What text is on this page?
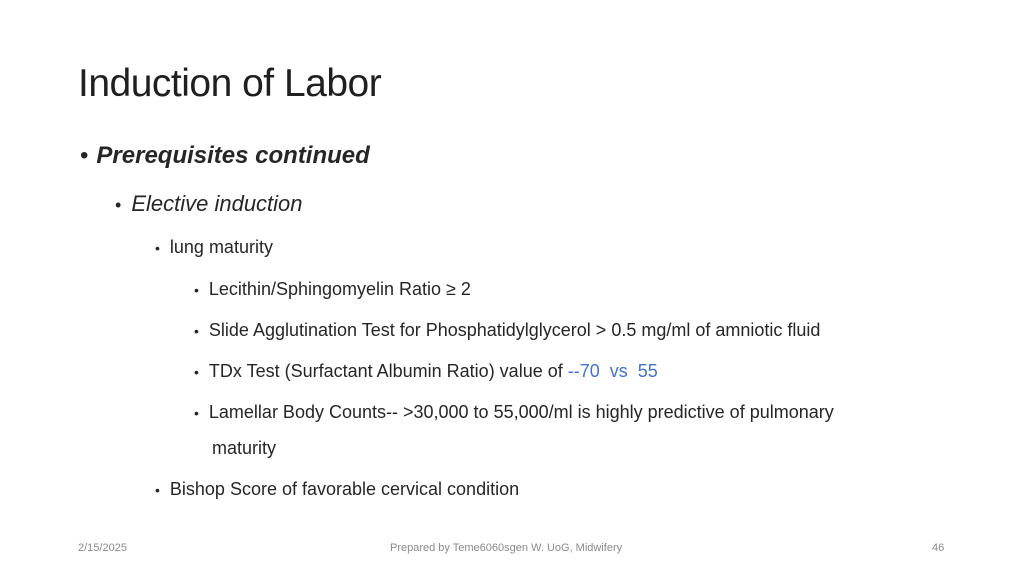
Induction of Labor
• Prerequisites continued
• Elective induction
• lung maturity
• Lecithin/Sphingomyelin Ratio ≥ 2
• Slide Agglutination Test for Phosphatidylglycerol > 0.5 mg/ml of amniotic fluid
• TDx Test (Surfactant Albumin Ratio) value of --70  vs  55
• Lamellar Body Counts-- >30,000 to 55,000/ml is highly predictive of pulmonary
maturity
• Bishop Score of favorable cervical condition
2/15/2025	Prepared by Teme6060sgen W. UoG, Midwifery	46
